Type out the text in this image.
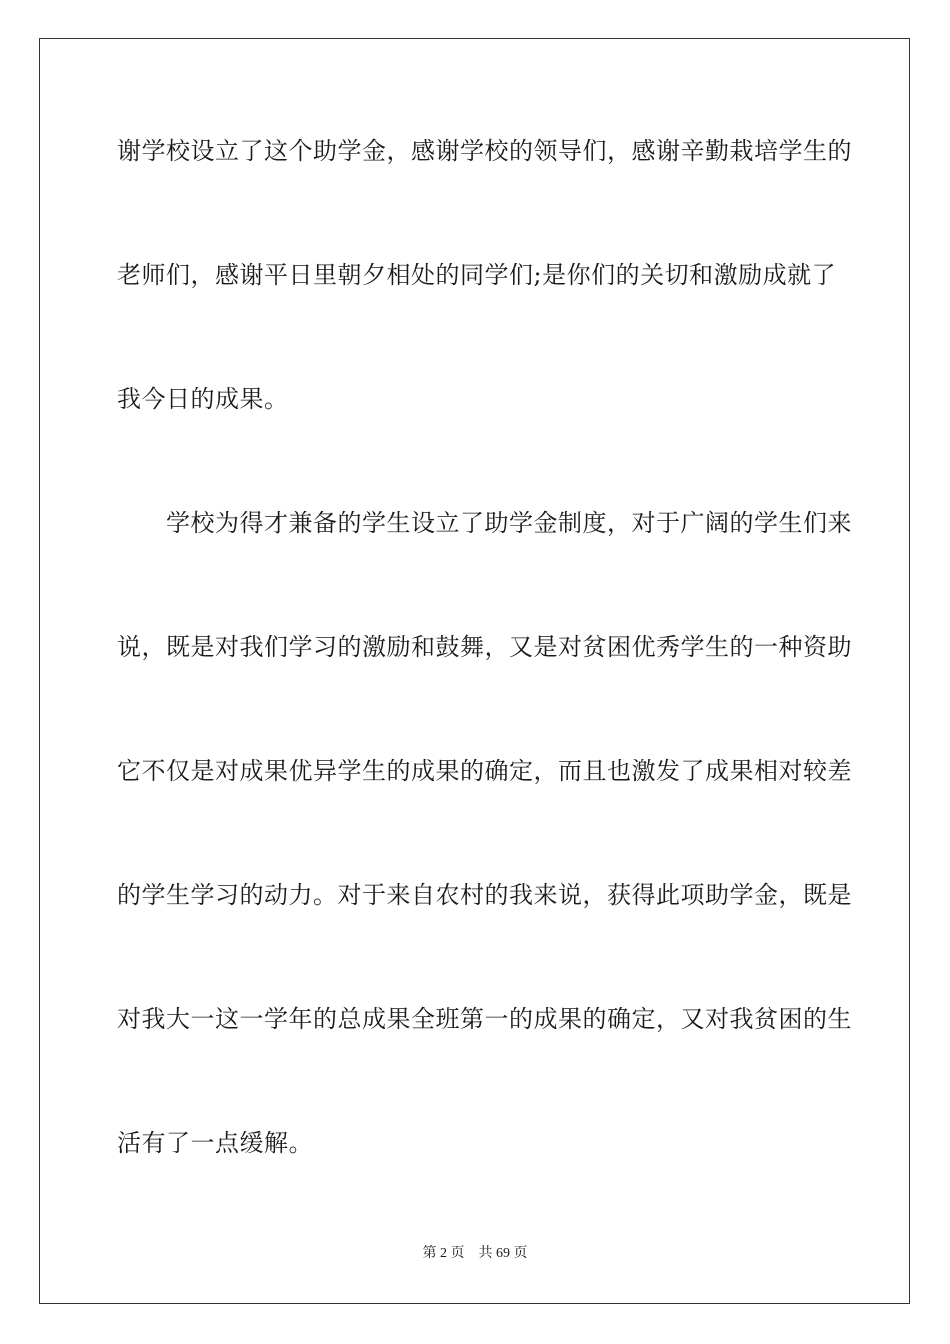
谢学校设立了这个助学金，感谢学校的领导们，感谢辛勤栽培学生的
老师们，感谢平日里朝夕相处的同学们;是你们的关切和激励成就了
我今日的成果。
　　学校为得才兼备的学生设立了助学金制度，对于广阔的学生们来
说，既是对我们学习的激励和鼓舞，又是对贫困优秀学生的一种资助
它不仅是对成果优异学生的成果的确定，而且也激发了成果相对较差
的学生学习的动力。对于来自农村的我来说，获得此项助学金，既是
对我大一这一学年的总成果全班第一的成果的确定，又对我贫困的生
活有了一点缓解。
第 2 页　共 69 页
